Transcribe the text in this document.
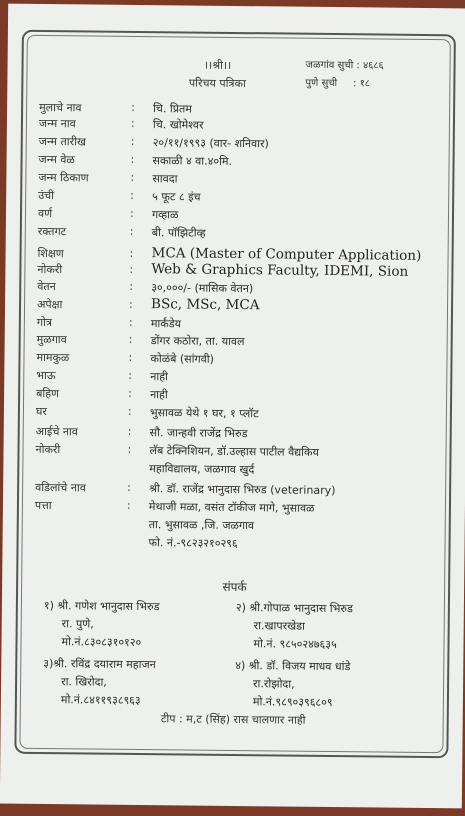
।।श्री।।
परिचय पत्रिका
जळगांव सुची : ४६८६
पुणे सुची     : १८
मुलाचे नाव	: चि. प्रितम
जन्म नाव	: चि. खोमेश्वर
जन्म तारीख	: २०/११/१९९३ (वार- शनिवार)
जन्म वेळ	: सकाळी ४ वा.४०मि.
जन्म ठिकाण	: सावदा
उंची	: ५ फूट ८ इंच
वर्ण	: गव्हाळ
रक्तगट	: बी. पॉझिटीव्ह
शिक्षण	: MCA (Master of Computer Application)
नोकरी	: Web & Graphics Faculty, IDEMI, Sion
वेतन	: ३०,०००/- (मासिक वेतन)
अपेक्षा	: BSc, MSc, MCA
गोत्र	: मार्कंडेय
मुळगाव	: डोंगर कठोरा, ता. यावल
मामकुळ	: कोळंबे (सांगवी)
भाऊ	: नाही
बहिण	: नाही
घर	: भुसावळ येथे १ घर, १ प्लॉट
आईचे नाव	: सौ. जान्हवी राजेंद्र भिरुड
नोकरी	: लॅब टेक्निशियन, डॉ.उल्हास पाटील वैद्यकिय
महाविद्यालय, जळगाव खुर्द
वडिलांचे नाव	: श्री. डॉ. राजेंद्र भानुदास भिरुड (veterinary)
पत्ता	: मेथाजी मळा, वसंत टॉकीज मागे, भुसावळ
ता. भुसावळ ,जि. जळगाव
फो. नं.-९८२३२१०२९६
संपर्क
१) श्री. गणेश भानुदास भिरुड
रा. पुणे,
मो.नं.८३०८३१०१२०
२) श्री.गोपाळ भानुदास भिरुड
रा.खापरखेडा
मो.नं. ९८५०२४७६३५
३)श्री. रविंद्र दयाराम महाजन
रा. खिरोदा,
मो.नं.८४११९३८९६३
४) श्री. डॉ. विजय माधव धांडे
रा.रोझोदा,
मो.नं.९८९०३९६८०९
टीप : म,ट (सिंह) रास चालणार नाही
